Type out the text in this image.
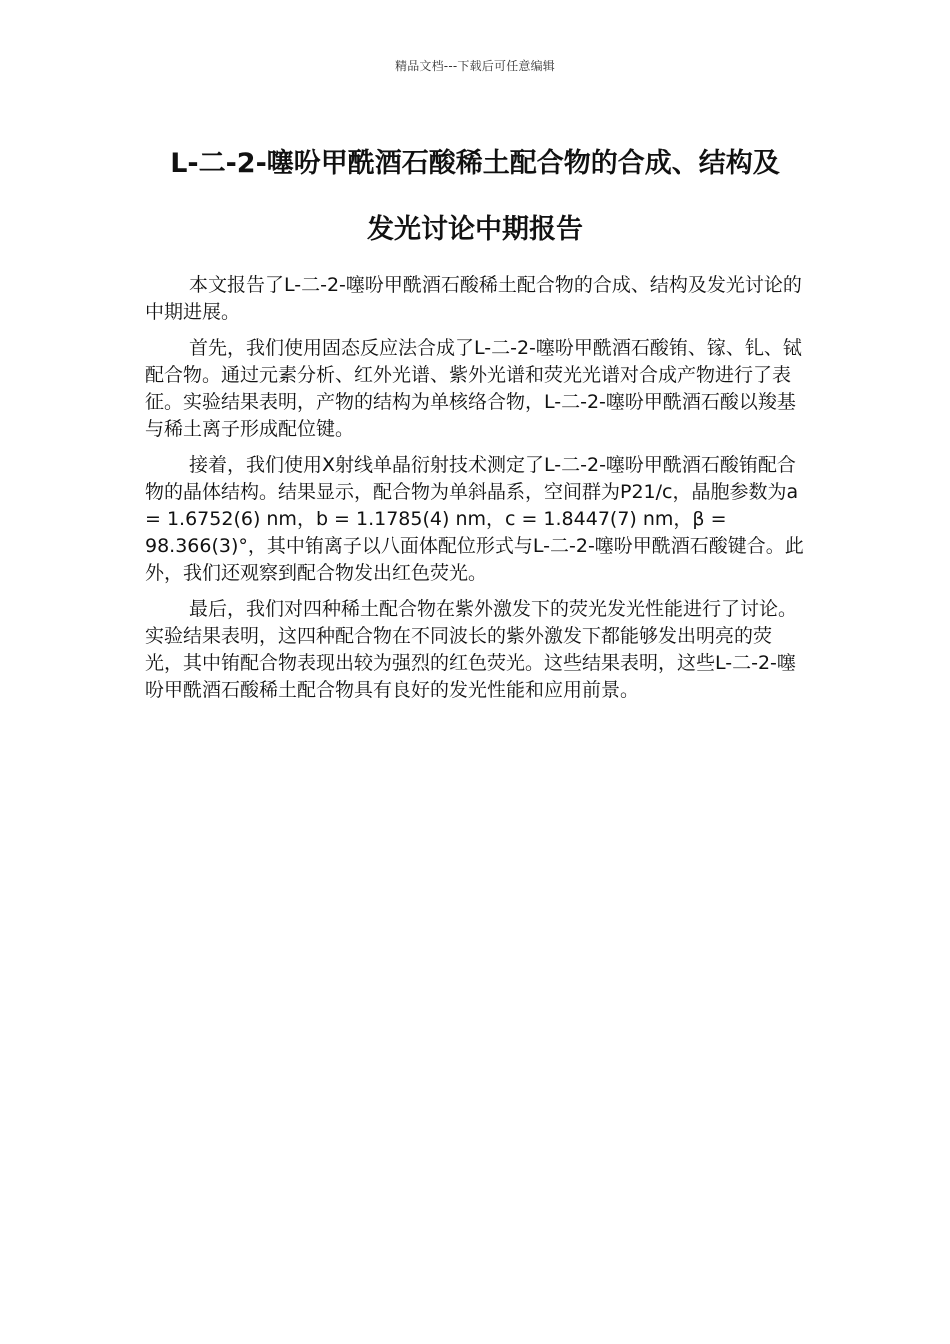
精品文档---下载后可任意编辑
L-二-2-噻吩甲酰酒石酸稀土配合物的合成、结构及
发光讨论中期报告

本文报告了L-二-2-噻吩甲酰酒石酸稀土配合物的合成、结构及发光讨论的中期进展。

首先，我们使用固态反应法合成了L-二-2-噻吩甲酰酒石酸铕、镓、钆、铽配合物。通过元素分析、红外光谱、紫外光谱和荧光光谱对合成产物进行了表征。实验结果表明，产物的结构为单核络合物，L-二-2-噻吩甲酰酒石酸以羧基与稀土离子形成配位键。

接着，我们使用X射线单晶衍射技术测定了L-二-2-噻吩甲酰酒石酸铕配合物的晶体结构。结果显示，配合物为单斜晶系，空间群为P21/c，晶胞参数为a = 1.6752(6) nm，b = 1.1785(4) nm，c = 1.8447(7) nm，β = 98.366(3)°，其中铕离子以八面体配位形式与L-二-2-噻吩甲酰酒石酸键合。此外，我们还观察到配合物发出红色荧光。

最后，我们对四种稀土配合物在紫外激发下的荧光发光性能进行了讨论。实验结果表明，这四种配合物在不同波长的紫外激发下都能够发出明亮的荧光，其中铕配合物表现出较为强烈的红色荧光。这些结果表明，这些L-二-2-噻吩甲酰酒石酸稀土配合物具有良好的发光性能和应用前景。
